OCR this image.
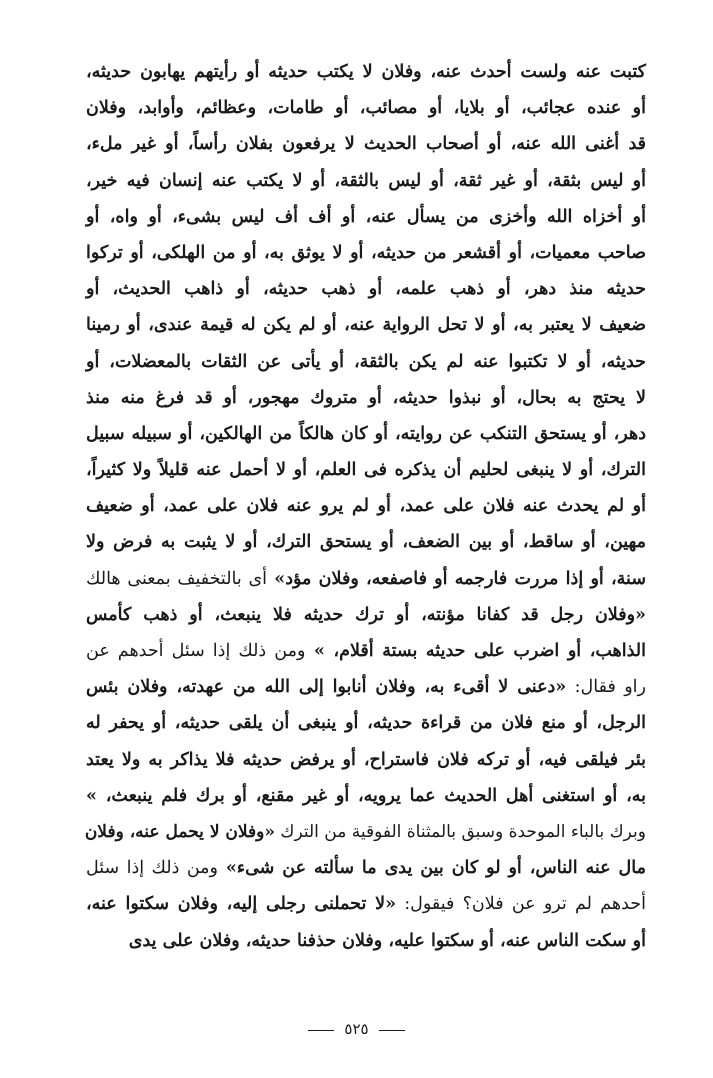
كتبت عنه ولست أحدث عنه، وفلان لا يكتب حديثه أو رأيتهم يهابون حديثه،
أو عنده عجائب، أو بلايا، أو مصائب، أو طامات، وعظائم، وأوابد، وفلان
قد أغنى الله عنه، أو أصحاب الحديث لا يرفعون بفلان رأساً، أو غير ملء،
أو ليس بثقة، أو غير ثقة، أو ليس بالثقة، أو لا يكتب عنه إنسان فيه خير،
أو أخزاه الله وأخزى من يسأل عنه، أو أف أف ليس بشىء، أو واه، أو
صاحب معميات، أو أقشعر من حديثه، أو لا يوثق به، أو من الهلكى، أو تركوا
حديثه منذ دهر، أو ذهب علمه، أو ذهب حديثه، أو ذاهب الحديث، أو
ضعيف لا يعتبر به، أو لا تحل الرواية عنه، أو لم يكن له قيمة عندى، أو رمينا
حديثه، أو لا تكتبوا عنه لم يكن بالثقة، أو يأتى عن الثقات بالمعضلات، أو
لا يحتج به بحال، أو نبذوا حديثه، أو متروك مهجور، أو قد فرغ منه منذ
دهر، أو يستحق التنكب عن روايته، أو كان هالكاً من الهالكين، أو سبيله سبيل
الترك، أو لا ينبغى لحليم أن يذكره فى العلم، أو لا أحمل عنه قليلاً ولا كثيراً،
أو لم يحدث عنه فلان على عمد، أو لم يرو عنه فلان على عمد، أو ضعيف
مهين، أو ساقط، أو بين الضعف، أو يستحق الترك، أو لا يثبت به فرض ولا
سنة، أو إذا مررت فارجمه أو فاصفعه، وفلان مؤد» أى بالتخفيف بمعنى هالك
«وفلان رجل قد كفانا مؤنته، أو ترك حديثه فلا ينبعث، أو ذهب كأمس
الذاهب، أو اضرب على حديثه بستة أقلام، » ومن ذلك إذا سئل أحدهم عن
راو فقال: «دعنى لا أقىء به، وفلان أنابوا إلى الله من عهدته، وفلان بئس
الرجل، أو منع فلان من قراءة حديثه، أو ينبغى أن يلقى حديثه، أو يحفر له
بئر فيلقى فيه، أو تركه فلان فاستراح، أو يرفض حديثه فلا يذاكر به ولا يعتد
به، أو استغنى أهل الحديث عما يرويه، أو غير مقنع، أو برك فلم ينبعث، »
وبرك بالباء الموحدة وسبق بالمثناة الفوقية من الترك «وفلان لا يحمل عنه، وفلان
مال عنه الناس، أو لو كان بين يدى ما سألته عن شىء» ومن ذلك إذا سئل
أحدهم لم ترو عن فلان؟ فيقول: «لا تحملنى رجلى إليه، وفلان سكتوا عنه،
أو سكت الناس عنه، أو سكتوا عليه، وفلان حذفنا حديثه، وفلان على يدى
٥٢٥
